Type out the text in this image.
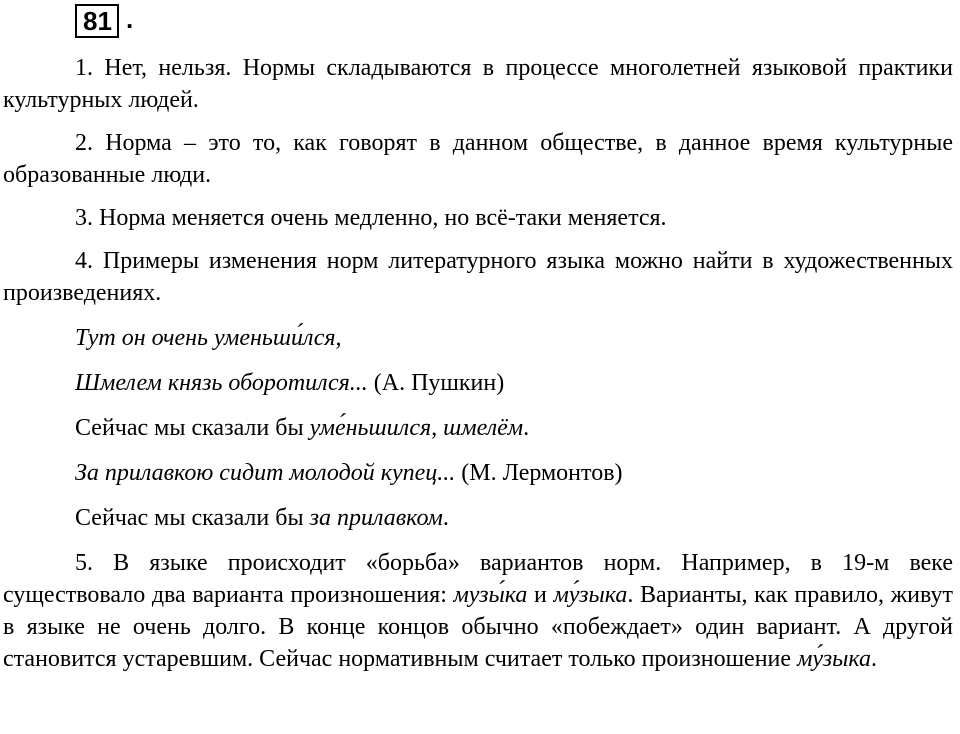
81 .

1. Нет, нельзя. Нормы складываются в процессе многолетней языковой практики культурных людей.

2. Норма – это то, как говорят в данном обществе, в данное время культурные образованные люди.

3. Норма меняется очень медленно, но всё-таки меняется.

4. Примеры изменения норм литературного языка можно найти в художественных произведениях.

Тут он очень уменьши́лся,

Шмелем князь оборотился... (А. Пушкин)

Сейчас мы сказали бы уме́ньшился, шмелём.

За прилавкою сидит молодой купец... (М. Лермонтов)

Сейчас мы сказали бы за прилавком.

5. В языке происходит «борьба» вариантов норм. Например, в 19-м веке существовало два варианта произношения: музы́ка и му́зыка. Варианты, как правило, живут в языке не очень долго. В конце концов обычно «побеждает» один вариант. А другой становится устаревшим. Сейчас нормативным считает только произношение му́зыка.
